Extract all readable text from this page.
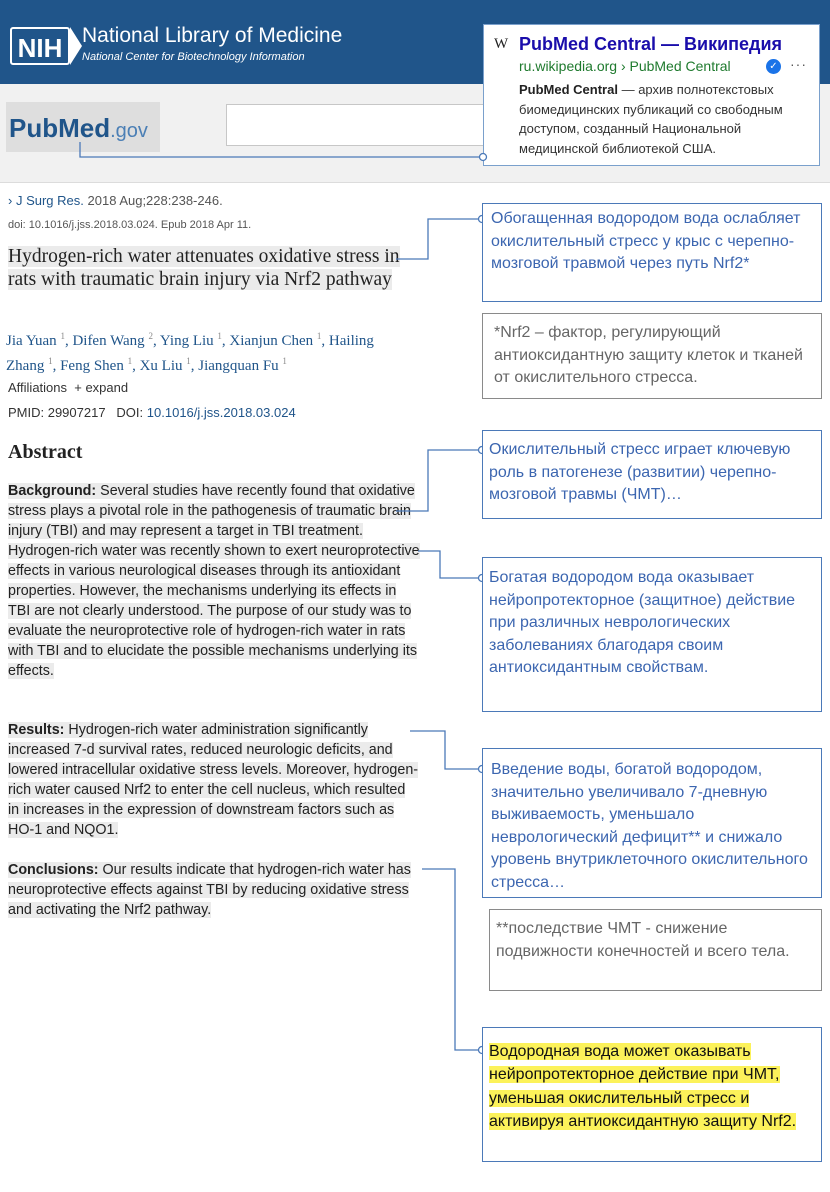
NIH National Library of Medicine
National Center for Biotechnology Information
PubMed.gov
W PubMed Central — Википедия
ru.wikipedia.org › PubMed Central	✓ ···
PubMed Central — архив полнотекстовых биомедицинских публикаций со свободным доступом, созданный Национальной медицинской библиотекой США.
› J Surg Res. 2018 Aug;228:238-246.
doi: 10.1016/j.jss.2018.03.024. Epub 2018 Apr 11.
Hydrogen-rich water attenuates oxidative stress in rats with traumatic brain injury via Nrf2 pathway
Jia Yuan $^1$, Difen Wang $^2$, Ying Liu $^1$, Xianjun Chen $^1$, Hailing Zhang $^1$, Feng Shen $^1$, Xu Liu $^1$, Jiangquan Fu $^1$
Affiliations + expand
PMID: 29907217 DOI: 10.1016/j.jss.2018.03.024
Abstract
Background: Several studies have recently found that oxidative stress plays a pivotal role in the pathogenesis of traumatic brain injury (TBI) and may represent a target in TBI treatment. Hydrogen-rich water was recently shown to exert neuroprotective effects in various neurological diseases through its antioxidant properties. However, the mechanisms underlying its effects in TBI are not clearly understood. The purpose of our study was to evaluate the neuroprotective role of hydrogen-rich water in rats with TBI and to elucidate the possible mechanisms underlying its effects.
Results: Hydrogen-rich water administration significantly increased 7-d survival rates, reduced neurologic deficits, and lowered intracellular oxidative stress levels. Moreover, hydrogen-rich water caused Nrf2 to enter the cell nucleus, which resulted in increases in the expression of downstream factors such as HO-1 and NQO1.
Conclusions: Our results indicate that hydrogen-rich water has neuroprotective effects against TBI by reducing oxidative stress and activating the Nrf2 pathway.
Обогащенная водородом вода ослабляет окислительный стресс у крыс с черепно-мозговой травмой через путь Nrf2*
*Nrf2 – фактор, регулирующий антиоксидантную защиту клеток и тканей от окислительного стресса.
Окислительный стресс играет ключевую роль в патогенезе (развитии) черепно-мозговой травмы (ЧМТ)…
Богатая водородом вода оказывает нейропротекторное (защитное) действие при различных неврологических заболеваниях благодаря своим антиоксидантным свойствам.
Введение воды, богатой водородом, значительно увеличивало 7-дневную выживаемость, уменьшало неврологический дефицит** и снижало уровень внутриклеточного окислительного стресса…
**последствие ЧМТ - снижение подвижности конечностей и всего тела.
Водородная вода может оказывать нейропротекторное действие при ЧМТ, уменьшая окислительный стресс и активируя антиоксидантную защиту Nrf2.
